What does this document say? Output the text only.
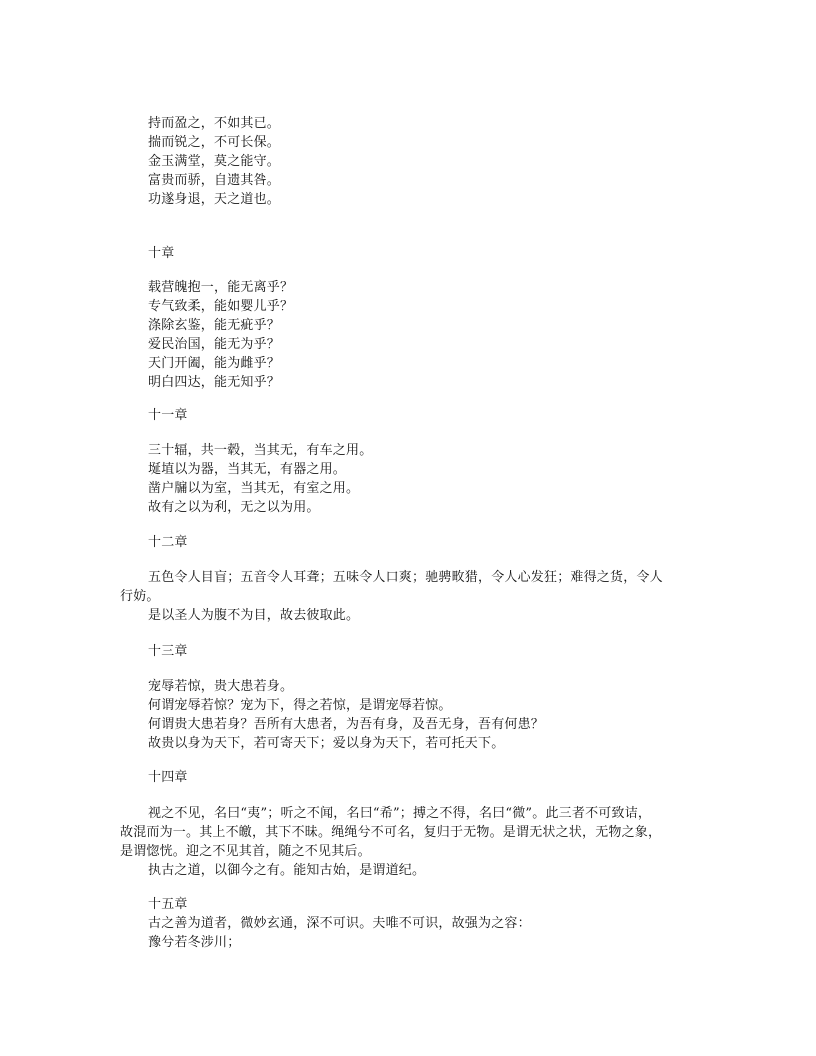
持而盈之，不如其已。
揣而锐之，不可长保。
金玉满堂，莫之能守。
富贵而骄，自遗其咎。
功遂身退，天之道也。
十章
载营魄抱一，能无离乎？
专气致柔，能如婴儿乎？
涤除玄鉴，能无疵乎？
爱民治国，能无为乎？
天门开阖，能为雌乎？
明白四达，能无知乎？
十一章
三十辐，共一毂，当其无，有车之用。
埏埴以为器，当其无，有器之用。
凿户牖以为室，当其无，有室之用。
故有之以为利，无之以为用。
十二章
五色令人目盲；五音令人耳聋；五味令人口爽；驰骋畋猎，令人心发狂；难得之货，令人
行妨。
是以圣人为腹不为目，故去彼取此。
十三章
宠辱若惊，贵大患若身。
何谓宠辱若惊？宠为下，得之若惊，是谓宠辱若惊。
何谓贵大患若身？吾所有大患者，为吾有身，及吾无身，吾有何患？
故贵以身为天下，若可寄天下；爱以身为天下，若可托天下。
十四章
视之不见，名曰“夷”；听之不闻，名曰“希”；搏之不得，名曰“微”。此三者不可致诘，
故混而为一。其上不皦，其下不昧。绳绳兮不可名，复归于无物。是谓无状之状，无物之象，
是谓惚恍。迎之不见其首，随之不见其后。
执古之道，以御今之有。能知古始，是谓道纪。
十五章
古之善为道者，微妙玄通，深不可识。夫唯不可识，故强为之容：
豫兮若冬涉川；
